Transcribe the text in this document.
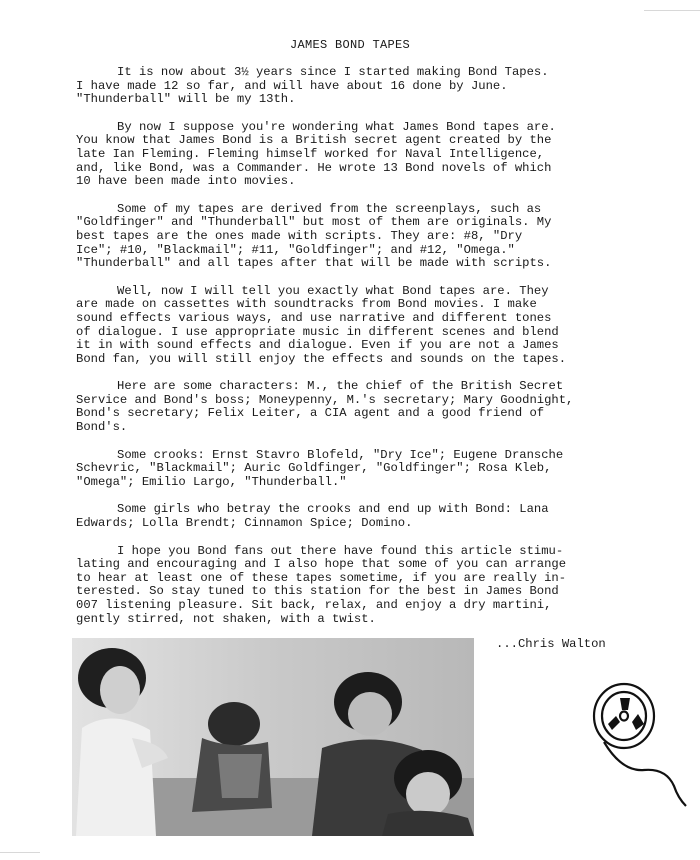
JAMES BOND TAPES

It is now about 3½ years since I started making Bond Tapes.
I have made 12 so far, and will have about 16 done by June.
"Thunderball" will be my 13th.

By now I suppose you're wondering what James Bond tapes are.
You know that James Bond is a British secret agent created by the
late Ian Fleming. Fleming himself worked for Naval Intelligence,
and, like Bond, was a Commander. He wrote 13 Bond novels of which
10 have been made into movies.

Some of my tapes are derived from the screenplays, such as
"Goldfinger" and "Thunderball" but most of them are originals. My
best tapes are the ones made with scripts. They are: #8, "Dry
Ice"; #10, "Blackmail"; #11, "Goldfinger"; and #12, "Omega."
"Thunderball" and all tapes after that will be made with scripts.

Well, now I will tell you exactly what Bond tapes are. They
are made on cassettes with soundtracks from Bond movies. I make
sound effects various ways, and use narrative and different tones
of dialogue. I use appropriate music in different scenes and blend
it in with sound effects and dialogue. Even if you are not a James
Bond fan, you will still enjoy the effects and sounds on the tapes.

Here are some characters: M., the chief of the British Secret
Service and Bond's boss; Moneypenny, M.'s secretary; Mary Goodnight,
Bond's secretary; Felix Leiter, a CIA agent and a good friend of
Bond's.

Some crooks: Ernst Stavro Blofeld, "Dry Ice"; Eugene Dransche
Schevric, "Blackmail"; Auric Goldfinger, "Goldfinger"; Rosa Kleb,
"Omega"; Emilio Largo, "Thunderball."

Some girls who betray the crooks and end up with Bond: Lana
Edwards; Lolla Brendt; Cinnamon Spice; Domino.

I hope you Bond fans out there have found this article stimu-
lating and encouraging and I also hope that some of you can arrange
to hear at least one of these tapes sometime, if you are really in-
terested. So stay tuned to this station for the best in James Bond
007 listening pleasure. Sit back, relax, and enjoy a dry martini,
gently stirred, not shaken, with a twist.

...Chris Walton
